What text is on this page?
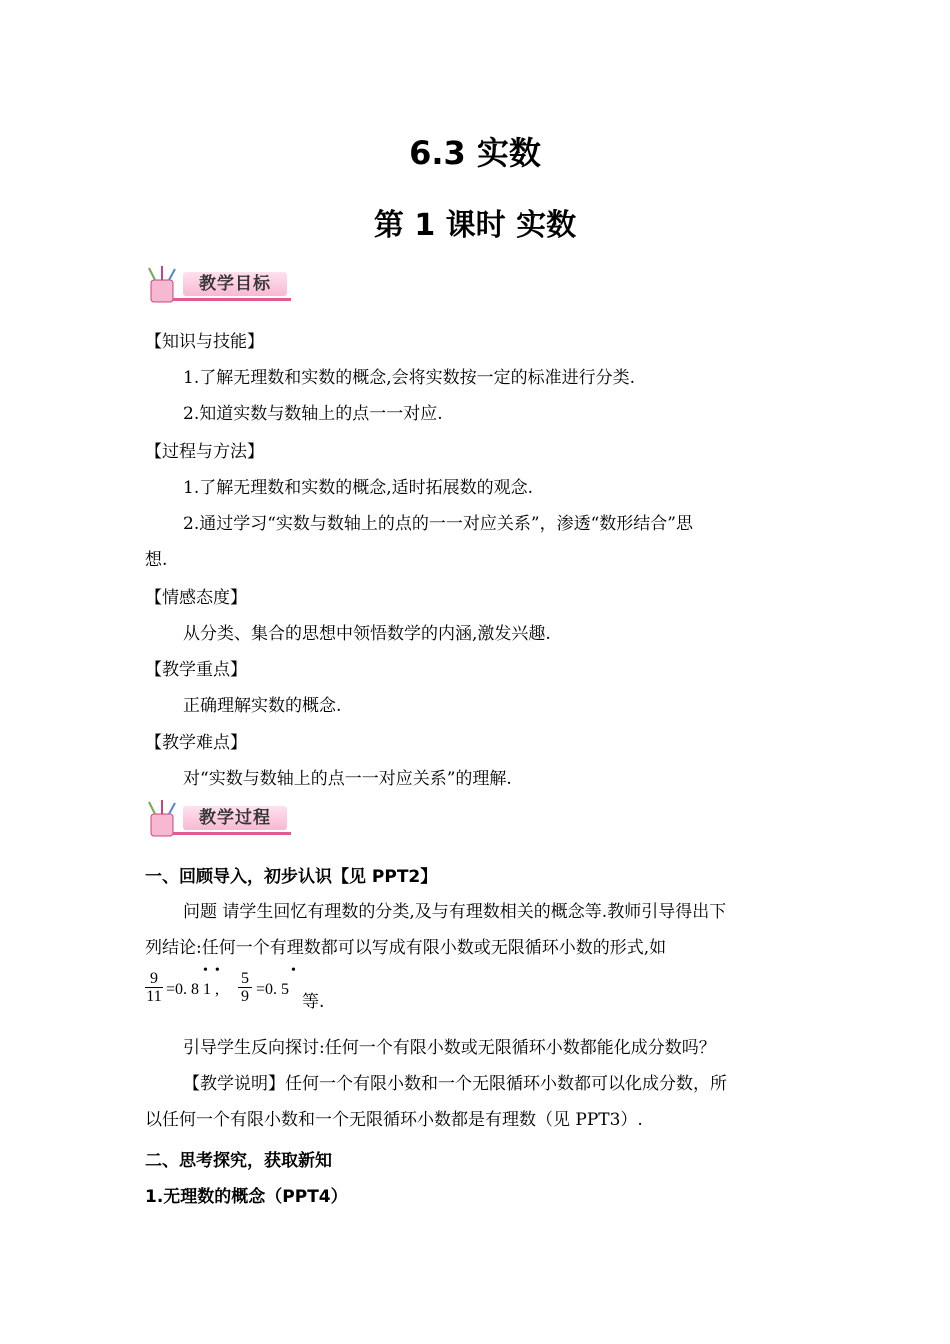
6.3 实数
第 1 课时 实数
教学目标
【知识与技能】
1.了解无理数和实数的概念,会将实数按一定的标准进行分类.
2.知道实数与数轴上的点一一对应.
【过程与方法】
1.了解无理数和实数的概念,适时拓展数的观念.
2.通过学习“实数与数轴上的点的一一对应关系”，渗透“数形结合”思
想.
【情感态度】
从分类、集合的思想中领悟数学的内涵,激发兴趣.
【教学重点】
正确理解实数的概念.
【教学难点】
对“实数与数轴上的点一一对应关系”的理解.
教学过程
一、回顾导入，初步认识【见 PPT2】
问题 请学生回忆有理数的分类,及与有理数相关的概念等.教师引导得出下
列结论:任何一个有理数都可以写成有限小数或无限循环小数的形式,如
$\frac{9}{11} =0$. 8 1 ,
•  • $\frac{5}{9} =0$. 5
•
等.
引导学生反向探讨:任何一个有限小数或无限循环小数都能化成分数吗？
【教学说明】任何一个有限小数和一个无限循环小数都可以化成分数，所
以任何一个有限小数和一个无限循环小数都是有理数（见 PPT3）.
二、思考探究，获取新知
1.无理数的概念（PPT4）
